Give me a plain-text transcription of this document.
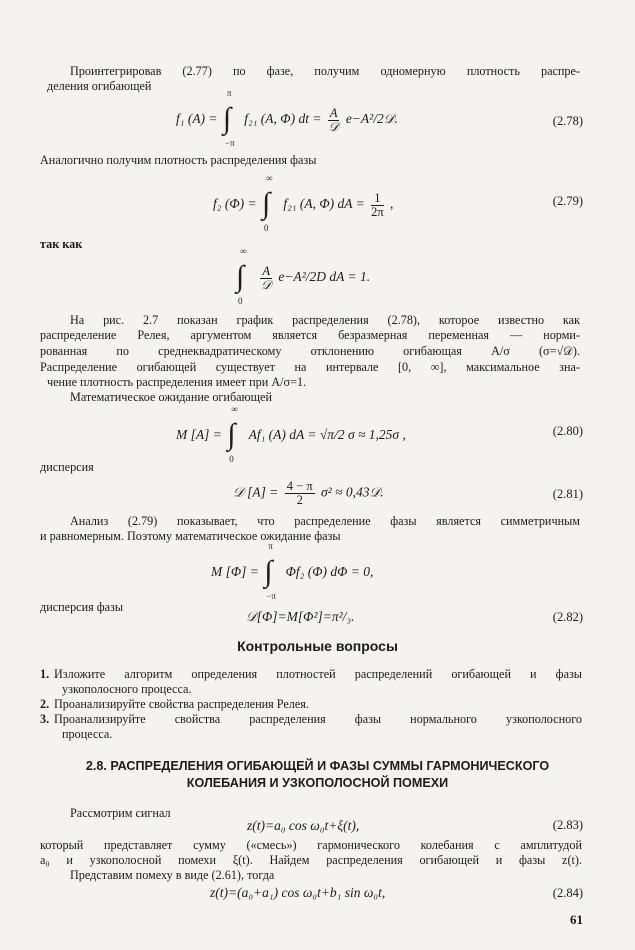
Проинтегрировав (2.77) по фазе, получим одномерную плотность распре-
деления огибающей
f₁ (A) = ∫
π
−π
f₂₁ (A, Φ) dt = $\frac{A}{\text{𝒟}}$ e−A²/2𝒟.	(2.78)
Аналогично получим плотность распределения фазы
f₂ (Φ) = ∫
∞
0
f₂₁ (A, Φ) dA = $\frac{1}{2\pi}$ ,	(2.79)
так как
∫
∞
0

$\frac{A}{\text{𝒟}} e-A^2/2D$ dA = 1.
На рис. 2.7 показан график распределения (2.78), которое известно как
распределение Релея, аргументом является безразмерная переменная — норми-
рованная по среднеквадратическому отклонению огибающая A/σ (σ=√𝒟).
Распределение огибающей существует на интервале [0, ∞], максимальное зна-
чение плотность распределения имеет при A/σ=1.
Математическое ожидание огибающей
M [A] = ∫
∞
0
Af₁ (A) dA = √π/2 σ ≈ 1,25σ ,	(2.80)
дисперсия
𝒟 $[A] = \frac{4 - \pi}{2} \sigma^2$ ≈ 0,43𝒟.	(2.81)
Анализ (2.79) показывает, что распределение фазы является симметричным
и равномерным. Поэтому математическое ожидание фазы
M [Φ] = ∫
π
−π
Φf₂ (Φ) dΦ = 0,
дисперсия фазы
𝒟[Φ]=M[Φ²]=π²/₃.	(2.82)
Контрольные вопросы
1. Изложите алгоритм определения плотностей распределений огибающей и фазы
узкополосного процесса.
2. Проанализируйте свойства распределения Релея.
3. Проанализируйте свойства распределения фазы нормального узкополосного
процесса.
2.8. РАСПРЕДЕЛЕНИЯ ОГИБАЮЩЕЙ И ФАЗЫ СУММЫ ГАРМОНИЧЕСКОГО
КОЛЕБАНИЯ И УЗКОПОЛОСНОЙ ПОМЕХИ
Рассмотрим сигнал
z(t)=a₀ cos ω₀t+ξ(t),	(2.83)
который представляет сумму («смесь») гармонического колебания с амплитудой
a₀ и узкополосной помехи ξ(t). Найдем распределения огибающей и фазы z(t).
Представим помеху в виде (2.61), тогда
z(t)=(a₀+a₁) cos ω₀t+b₁ sin ω₀t,	(2.84)
61
